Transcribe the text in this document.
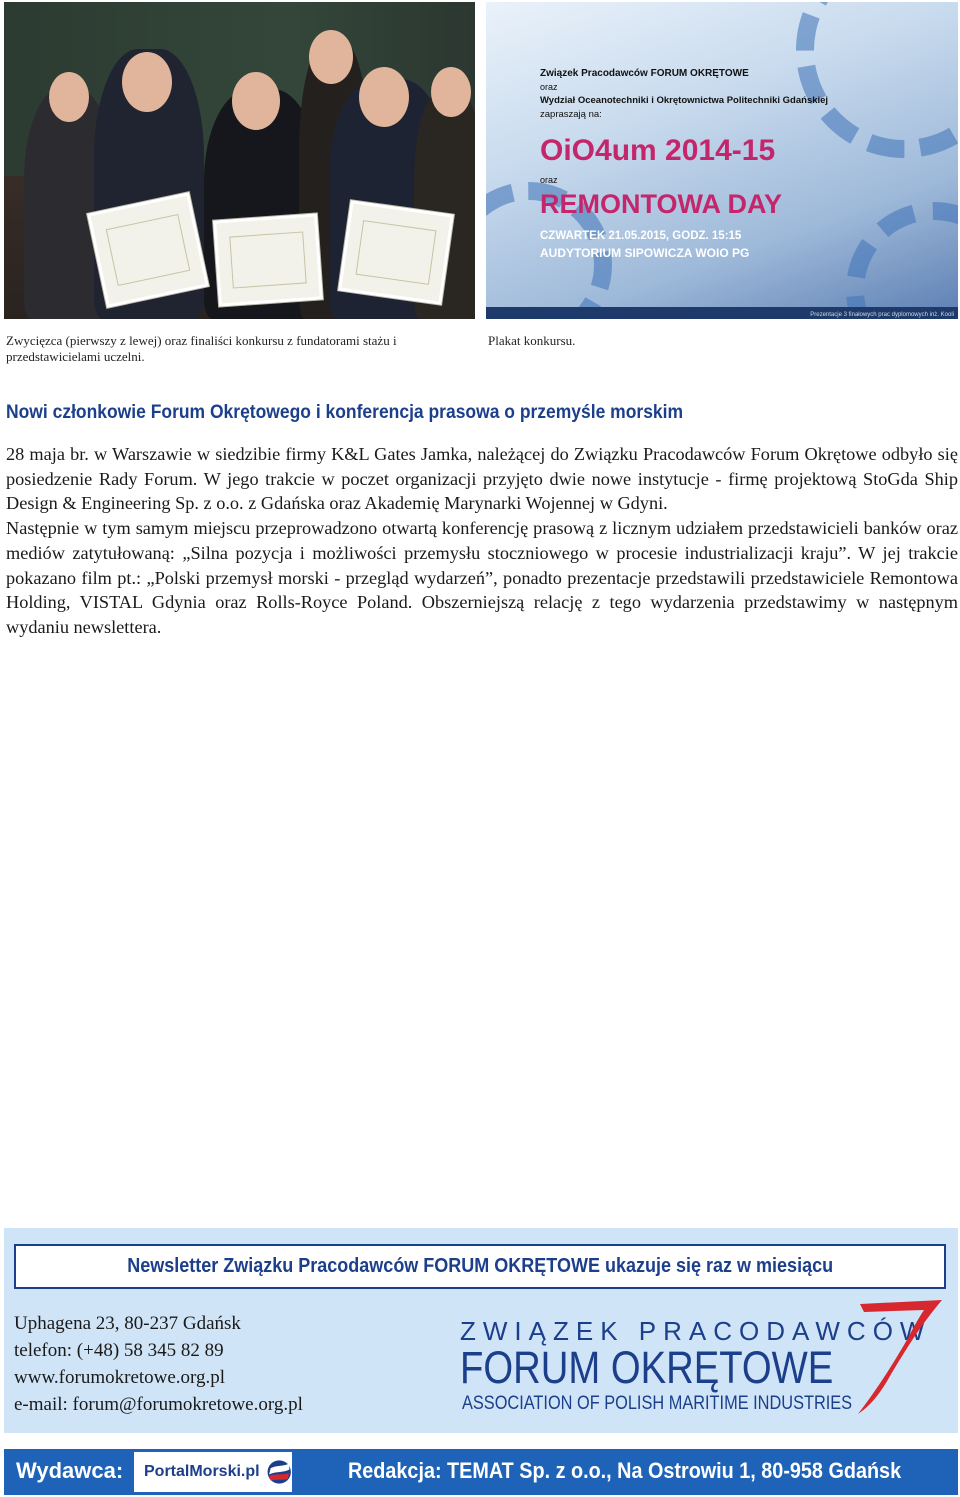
Związek Pracodawców FORUM OKRĘTOWE
oraz
Wydział Oceanotechniki i Okrętownictwa Politechniki Gdańskiej
zapraszają na:
OiO4um 2014-15
oraz
REMONTOWA DAY
CZWARTEK 21.05.2015, GODZ. 15:15
AUDYTORIUM SIPOWICZA WOIO PG
Prezentacje 3 finałowych prac dyplomowych inż. Kooli
Zwycięzca (pierwszy z lewej) oraz finaliści konkursu z fundatorami stażu i przedstawicielami uczelni.
Plakat konkursu.
Nowi członkowie Forum Okrętowego i konferencja prasowa o przemyśle morskim

28 maja br. w Warszawie w siedzibie firmy K&L Gates Jamka, należącej do Związku Pracodawców Forum Okrętowe odbyło się posiedzenie Rady Forum. W jego trakcie w poczet organizacji przyjęto dwie nowe instytucje - firmę projektową StoGda Ship Design & Engineering Sp. z o.o. z Gdańska oraz Akademię Marynarki Wojennej w Gdyni.

Następnie w tym samym miejscu przeprowadzono otwartą konferencję prasową z licznym udziałem przedstawicieli banków oraz mediów zatytułowaną: „Silna pozycja i możliwości przemysłu stoczniowego w procesie industrializacji kraju”. W jej trakcie pokazano film pt.: „Polski przemysł morski - przegląd wydarzeń”, ponadto prezentacje przedstawili przedstawiciele Remontowa Holding, VISTAL Gdynia oraz Rolls-Royce Poland. Obszerniejszą relację z tego wydarzenia przedstawimy w następnym wydaniu newslettera.

Newsletter Związku Pracodawców FORUM OKRĘTOWE ukazuje się raz w miesiącu
Uphagena 23, 80-237 Gdańsk
telefon: (+48) 58 345 82 89
www.forumokretowe.org.pl
e-mail: forum@forumokretowe.org.pl
ZWIĄZEK PRACODAWCÓW
FORUM OKRĘTOWE
ASSOCIATION OF POLISH MARITIME INDUSTRIES
Wydawca: PortalMorski.pl	Redakcja: TEMAT Sp. z o.o., Na Ostrowiu 1, 80-958 Gdańsk
